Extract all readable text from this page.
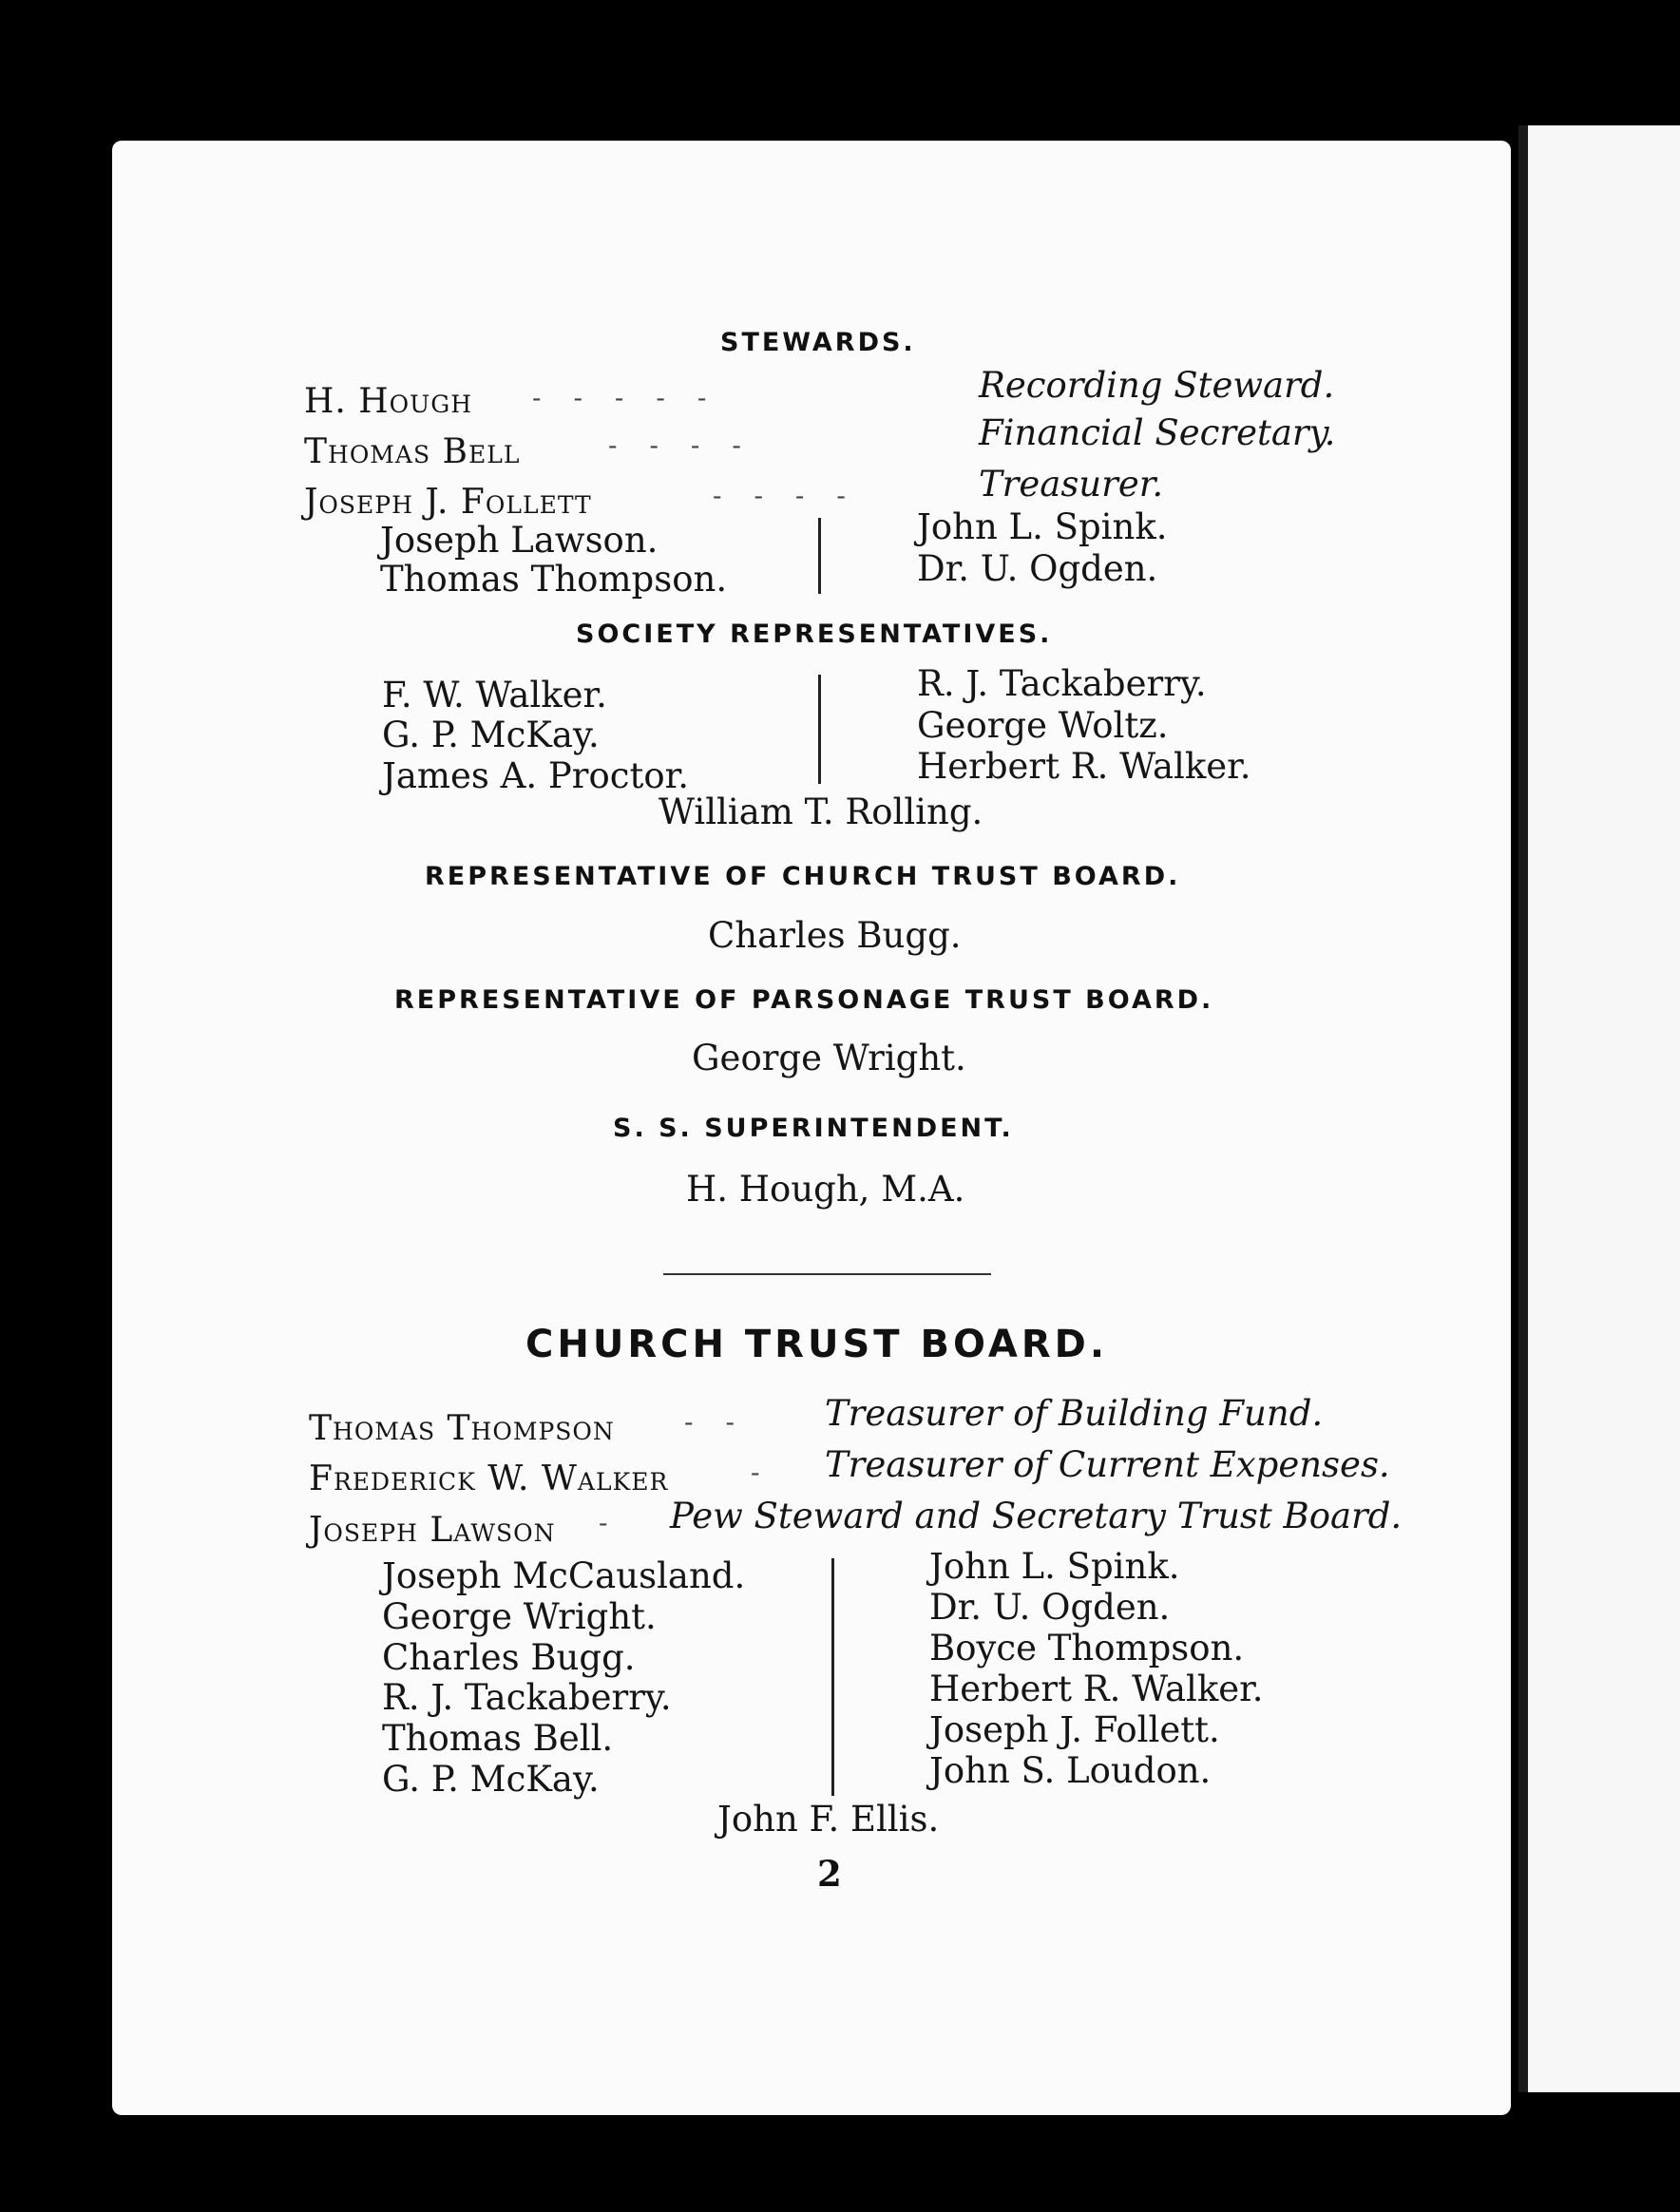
STEWARDS.
H. Hough -----	Recording Steward.
Thomas Bell	----	Financial Secretary.
Joseph J. Follett	----	Treasurer.
Joseph Lawson.
Thomas Thompson.
John L. Spink.
Dr. U. Ogden.
SOCIETY REPRESENTATIVES.
F. W. Walker.
G. P. McKay.
James A. Proctor.
R. J. Tackaberry.
George Woltz.
Herbert R. Walker.
William T. Rolling.
REPRESENTATIVE OF CHURCH TRUST BOARD.
Charles Bugg.
REPRESENTATIVE OF PARSONAGE TRUST BOARD.
George Wright.
S. S. SUPERINTENDENT.
H. Hough, M.A.
CHURCH TRUST BOARD.
Thomas Thompson	-- Treasurer of Building Fund.
Frederick W. Walker	- Treasurer of Current Expenses.
Joseph Lawson - Pew Steward and Secretary Trust Board.
Joseph McCausland.
George Wright.
Charles Bugg.
R. J. Tackaberry.
Thomas Bell.
G. P. McKay.
John L. Spink.
Dr. U. Ogden.
Boyce Thompson.
Herbert R. Walker.
Joseph J. Follett.
John S. Loudon.
John F. Ellis.
2
